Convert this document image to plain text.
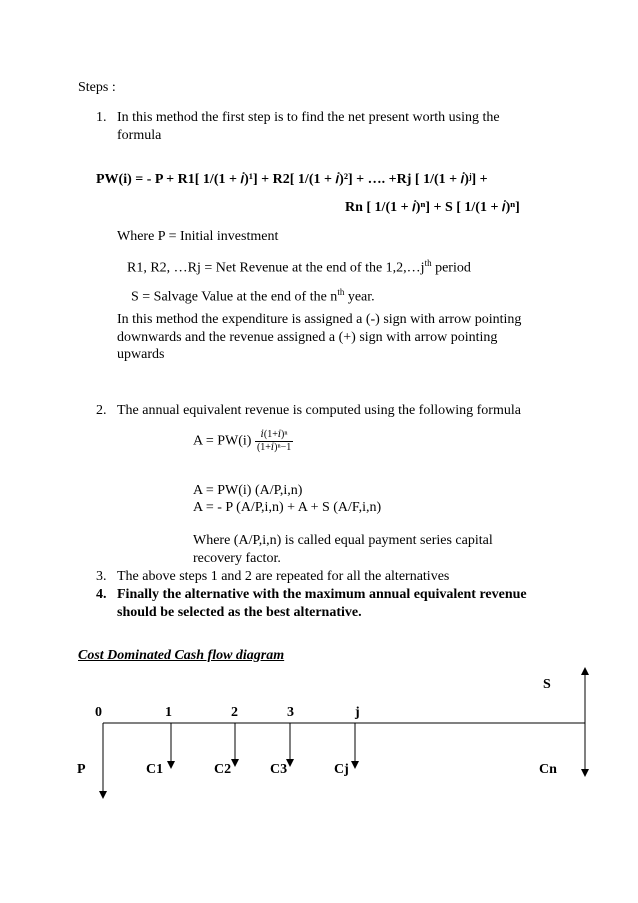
Steps :
1. In this method the first step is to find the net present worth using the
formula
PW(i) = - P + R1[ 1/(1 + 𝑖)¹] + R2[ 1/(1 + 𝑖)²] + …. +Rj [ 1/(1 + 𝑖)ʲ] +
Rn [ 1/(1 + 𝑖)ⁿ] + S [ 1/(1 + 𝑖)ⁿ]
Where P = Initial investment
R1, R2, …Rj = Net Revenue at the end of the $1,2,\dots j^{th}$ period
S = Salvage Value at the end of the $n^{th}$ year.
In this method the expenditure is assigned a (-) sign with arrow pointing
downwards and the revenue assigned a (+) sign with arrow pointing
upwards
2. The annual equivalent revenue is computed using the following formula
$A = PW(i) \frac{\text{𝑖(1+𝑖)ⁿ}}{\text{(1+𝑖)ⁿ−1}}$
A = PW(i) (A/P,i,n)
A = - P (A/P,i,n) + A + S (A/F,i,n)
Where (A/P,i,n) is called equal payment series capital
recovery factor.
3. The above steps 1 and 2 are repeated for all the alternatives
4. Finally the alternative with the maximum annual equivalent revenue
should be selected as the best alternative.
Cost Dominated Cash flow diagram
S
0	1	2	3	j
P	C1	C2	C3	Cj	Cn
